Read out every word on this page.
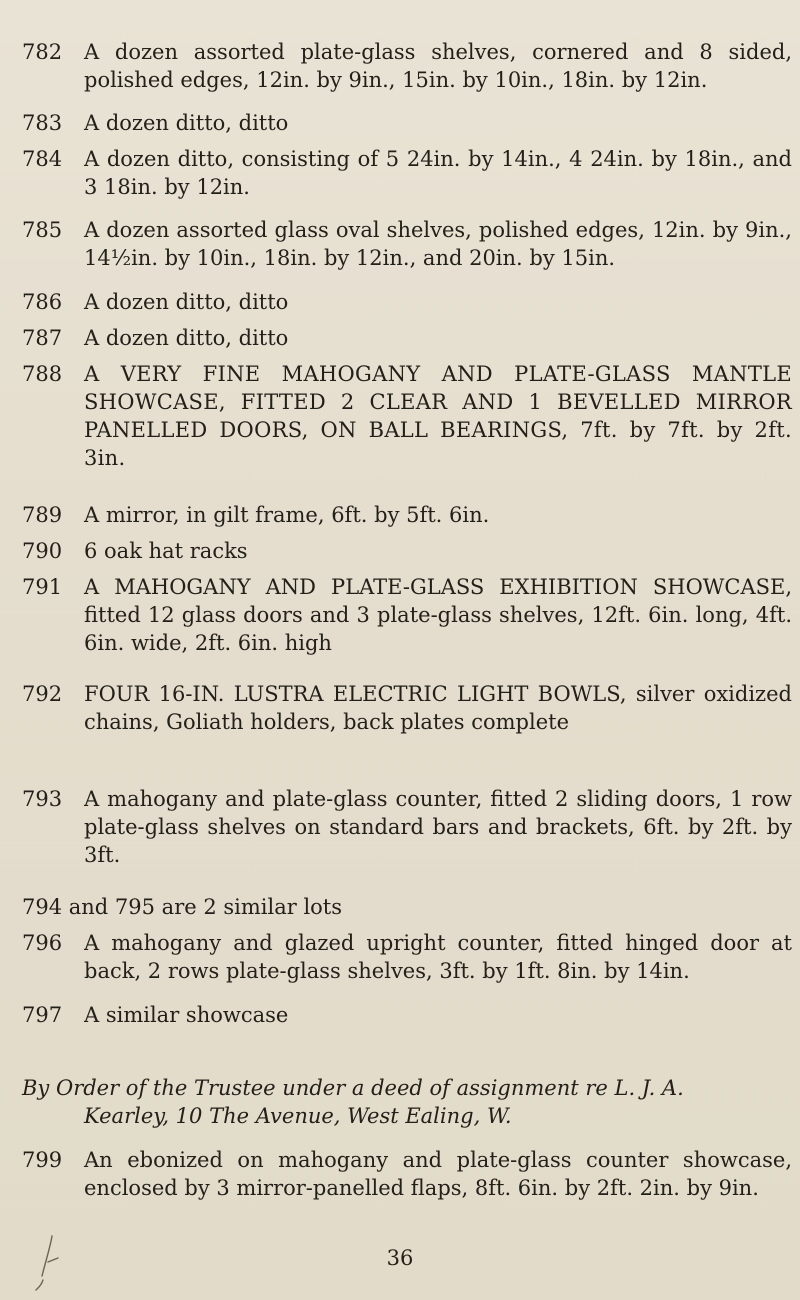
782	A dozen assorted plate-glass shelves, cornered and 8 sided, polished edges, 12in. by 9in., 15in. by 10in., 18in. by 12in.
783	A dozen ditto, ditto
784	A dozen ditto, consisting of 5 24in. by 14in., 4 24in. by 18in., and 3 18in. by 12in.
785	A dozen assorted glass oval shelves, polished edges, 12in. by 9in., 14½in. by 10in., 18in. by 12in., and 20in. by 15in.
786	A dozen ditto, ditto
787	A dozen ditto, ditto
788	A VERY FINE MAHOGANY AND PLATE-GLASS MANTLE SHOWCASE, FITTED 2 CLEAR AND 1 BEVELLED MIRROR PANELLED DOORS, ON BALL BEARINGS, 7ft. by 7ft. by 2ft. 3in.
789	A mirror, in gilt frame, 6ft. by 5ft. 6in.
790	6 oak hat racks
791	A MAHOGANY AND PLATE-GLASS EXHIBITION SHOWCASE, fitted 12 glass doors and 3 plate-glass shelves, 12ft. 6in. long, 4ft. 6in. wide, 2ft. 6in. high
792	FOUR 16-IN. LUSTRA ELECTRIC LIGHT BOWLS, silver oxidized chains, Goliath holders, back plates complete
793	A mahogany and plate-glass counter, fitted 2 sliding doors, 1 row plate-glass shelves on standard bars and brackets, 6ft. by 2ft. by 3ft.
794 and 795 are 2 similar lots
796	A mahogany and glazed upright counter, fitted hinged door at back, 2 rows plate-glass shelves, 3ft. by 1ft. 8in. by 14in.
797	A similar showcase
By Order of the Trustee under a deed of assignment re L. J. A.
Kearley, 10 The Avenue, West Ealing, W.
799	An ebonized on mahogany and plate-glass counter showcase, enclosed by 3 mirror-panelled flaps, 8ft. 6in. by 2ft. 2in. by 9in.
36
